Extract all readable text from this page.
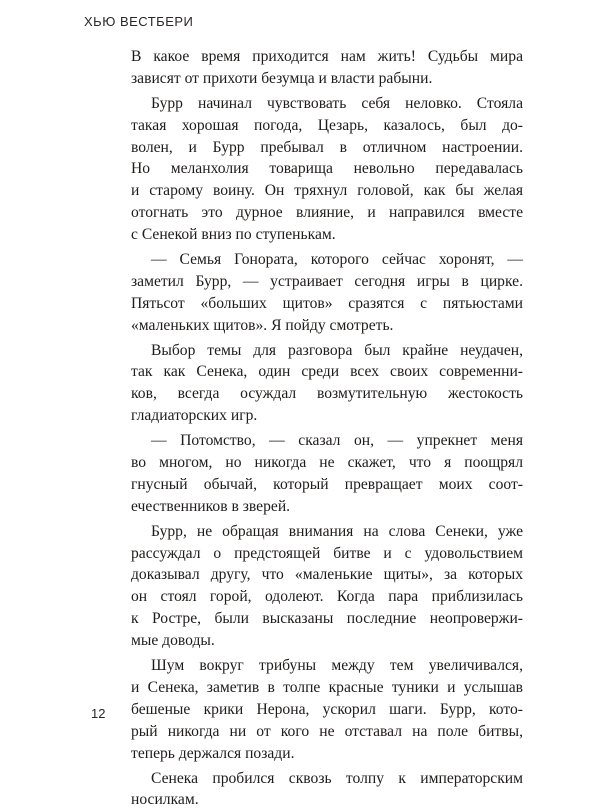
ХЬЮ ВЕСТБЕРИ
В какое время приходится нам жить! Судьбы мира
зависят от прихоти безумца и власти рабыни.
Бурр начинал чувствовать себя неловко. Стояла
такая хорошая погода, Цезарь, казалось, был до-
волен, и Бурр пребывал в отличном настроении.
Но меланхолия товарища невольно передавалась
и старому воину. Он тряхнул головой, как бы желая
отогнать это дурное влияние, и направился вместе
с Сенекой вниз по ступенькам.
— Семья Гонората, которого сейчас хоронят, —
заметил Бурр, — устраивает сегодня игры в цирке.
Пятьсот «больших щитов» сразятся с пятьюстами
«маленьких щитов». Я пойду смотреть.
Выбор темы для разговора был крайне неудачен,
так как Сенека, один среди всех своих современни-
ков, всегда осуждал возмутительную жестокость
гладиаторских игр.
— Потомство, — сказал он, — упрекнет меня
во многом, но никогда не скажет, что я поощрял
гнусный обычай, который превращает моих соот-
ечественников в зверей.
Бурр, не обращая внимания на слова Сенеки, уже
рассуждал о предстоящей битве и с удовольствием
доказывал другу, что «маленькие щиты», за которых
он стоял горой, одолеют. Когда пара приблизилась
к Ростре, были высказаны последние неопровержи-
мые доводы.
Шум вокруг трибуны между тем увеличивался,
и Сенека, заметив в толпе красные туники и услышав
бешеные крики Нерона, ускорил шаги. Бурр, кото-
рый никогда ни от кого не отставал на поле битвы,
теперь держался позади.
Сенека пробился сквозь толпу к императорским
носилкам.
12
